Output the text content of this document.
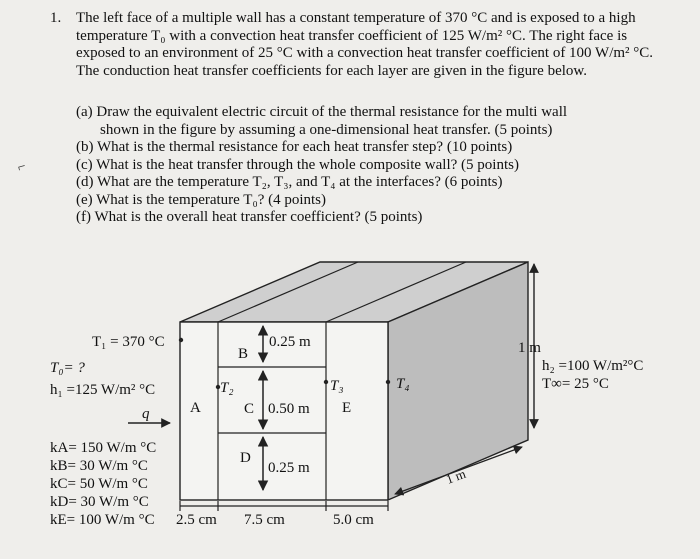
1. The left face of a multiple wall has a constant temperature of 370 °C and is exposed to a high temperature T₀ with a convection heat transfer coefficient of 125 W/m² °C. The right face is exposed to an environment of 25 °C with a convection heat transfer coefficient of 100 W/m² °C. The conduction heat transfer coefficients for each layer are given in the figure below.
⌐
(a) Draw the equivalent electric circuit of the thermal resistance for the multi wall
shown in the figure by assuming a one-dimensional heat transfer. (5 points)
(b) What is the thermal resistance for each heat transfer step? (10 points)
(c) What is the heat transfer through the whole composite wall? (5 points)
(d) What are the temperature T₂, T₃, and T₄ at the interfaces? (6 points)
(e) What is the temperature T₀? (4 points)
(f) What is the overall heat transfer coefficient? (5 points)
T₁ = 370 °C
T₀= ?
h₁ =125 W/m² °C
q	A
B
C
D
E
0.25 m
0.50 m
0.25 m
T₂	T₃	T₄
1 m
h₂ =100 W/m²°C
T∞= 25 °C
1 m
kA= 150 W/m °C
kB= 30 W/m °C
kC= 50 W/m °C
kD= 30 W/m °C
kE= 100 W/m °C 2.5 cm 7.5 cm	5.0 cm
